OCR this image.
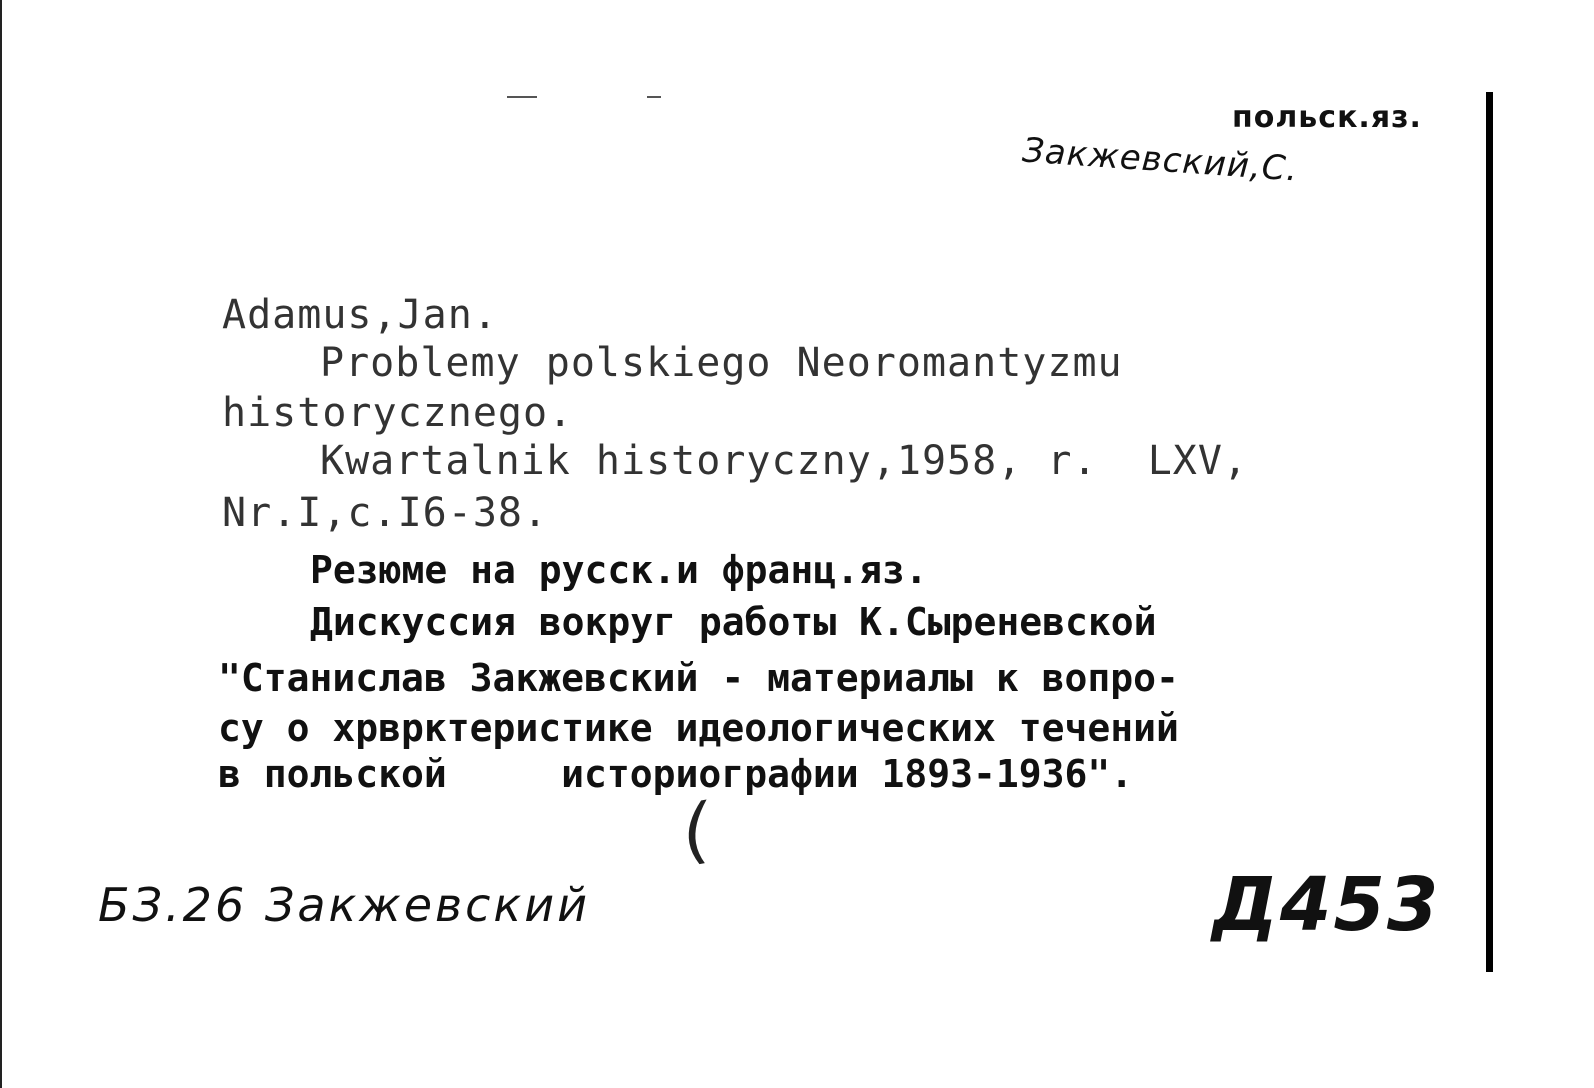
польск.яз.
Закжевский,С.
Adamus,Jan.
Problemy polskiego Neoromantyzmu
historycznego.
Kwartalnik historyczny,1958, r.  LXV,
Nr.I,c.I6-38.
Резюме на русск.и франц.яз.
Дискуссия вокруг работы К.Сыреневской
"Станислав Закжевский - материалы к вопро-
су о хрврктеристике идеологических течений
в польской     историографии 1893-1936".
(
БЗ.26 Закжевский	Д453
